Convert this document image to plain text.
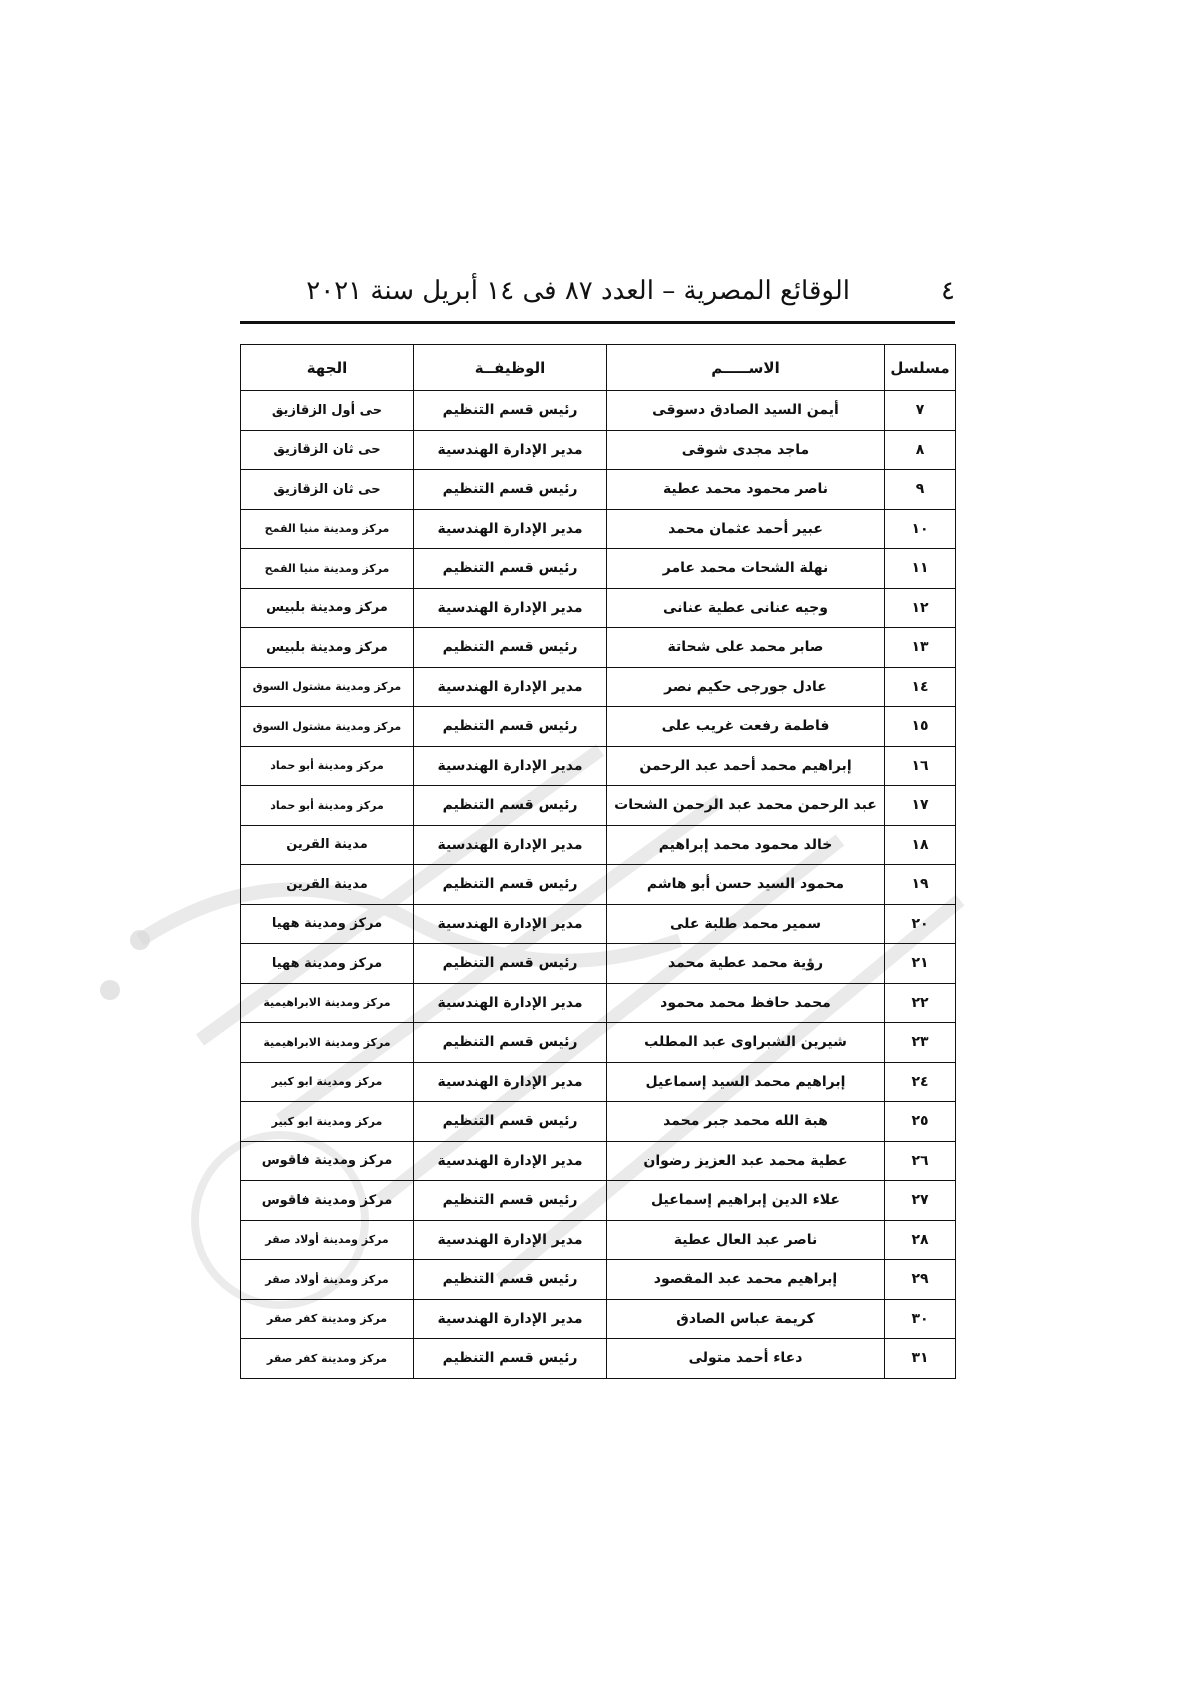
٤
الوقائع المصرية – العدد ٨٧ فى ١٤ أبريل سنة ٢٠٢١
مسلسل	الاســـــم	الوظيفــة	الجهة
٧	أيمن السيد الصادق دسوقى	رئيس قسم التنظيم	حى أول الزقازيق
٨	ماجد مجدى شوقى	مدير الإدارة الهندسية	حى ثان الزقازيق
٩	ناصر محمود محمد عطية	رئيس قسم التنظيم	حى ثان الزقازيق
١٠	عبير أحمد عثمان محمد	مدير الإدارة الهندسية	مركز ومدينة منيا القمح
١١	نهلة الشحات محمد عامر	رئيس قسم التنظيم	مركز ومدينة منيا القمح
١٢	وجيه عنانى عطية عنانى	مدير الإدارة الهندسية	مركز ومدينة بلبيس
١٣	صابر محمد على شحاتة	رئيس قسم التنظيم	مركز ومدينة بلبيس
١٤	عادل جورجى حكيم نصر	مدير الإدارة الهندسية	مركز ومدينة مشتول السوق
١٥	فاطمة رفعت غريب على	رئيس قسم التنظيم	مركز ومدينة مشتول السوق
١٦	إبراهيم محمد أحمد عبد الرحمن	مدير الإدارة الهندسية	مركز ومدينة أبو حماد
١٧	عبد الرحمن محمد عبد الرحمن الشحات	رئيس قسم التنظيم	مركز ومدينة أبو حماد
١٨	خالد محمود محمد إبراهيم	مدير الإدارة الهندسية	مدينة القرين
١٩	محمود السيد حسن أبو هاشم	رئيس قسم التنظيم	مدينة القرين
٢٠	سمير محمد طلبة على	مدير الإدارة الهندسية	مركز ومدينة ههيا
٢١	رؤية محمد عطية محمد	رئيس قسم التنظيم	مركز ومدينة ههيا
٢٢	محمد حافظ محمد محمود	مدير الإدارة الهندسية	مركز ومدينة الابراهيمية
٢٣	شيرين الشبراوى عبد المطلب	رئيس قسم التنظيم	مركز ومدينة الابراهيمية
٢٤	إبراهيم محمد السيد إسماعيل	مدير الإدارة الهندسية	مركز ومدينة ابو كبير
٢٥	هبة الله محمد جبر محمد	رئيس قسم التنظيم	مركز ومدينة ابو كبير
٢٦	عطية محمد عبد العزيز رضوان	مدير الإدارة الهندسية	مركز ومدينة فاقوس
٢٧	علاء الدين إبراهيم إسماعيل	رئيس قسم التنظيم	مركز ومدينة فاقوس
٢٨	ناصر عبد العال عطية	مدير الإدارة الهندسية	مركز ومدينة أولاد صقر
٢٩	إبراهيم محمد عبد المقصود	رئيس قسم التنظيم	مركز ومدينة أولاد صقر
٣٠	كريمة عباس الصادق	مدير الإدارة الهندسية	مركز ومدينة كفر صقر
٣١	دعاء أحمد متولى	رئيس قسم التنظيم	مركز ومدينة كفر صقر
